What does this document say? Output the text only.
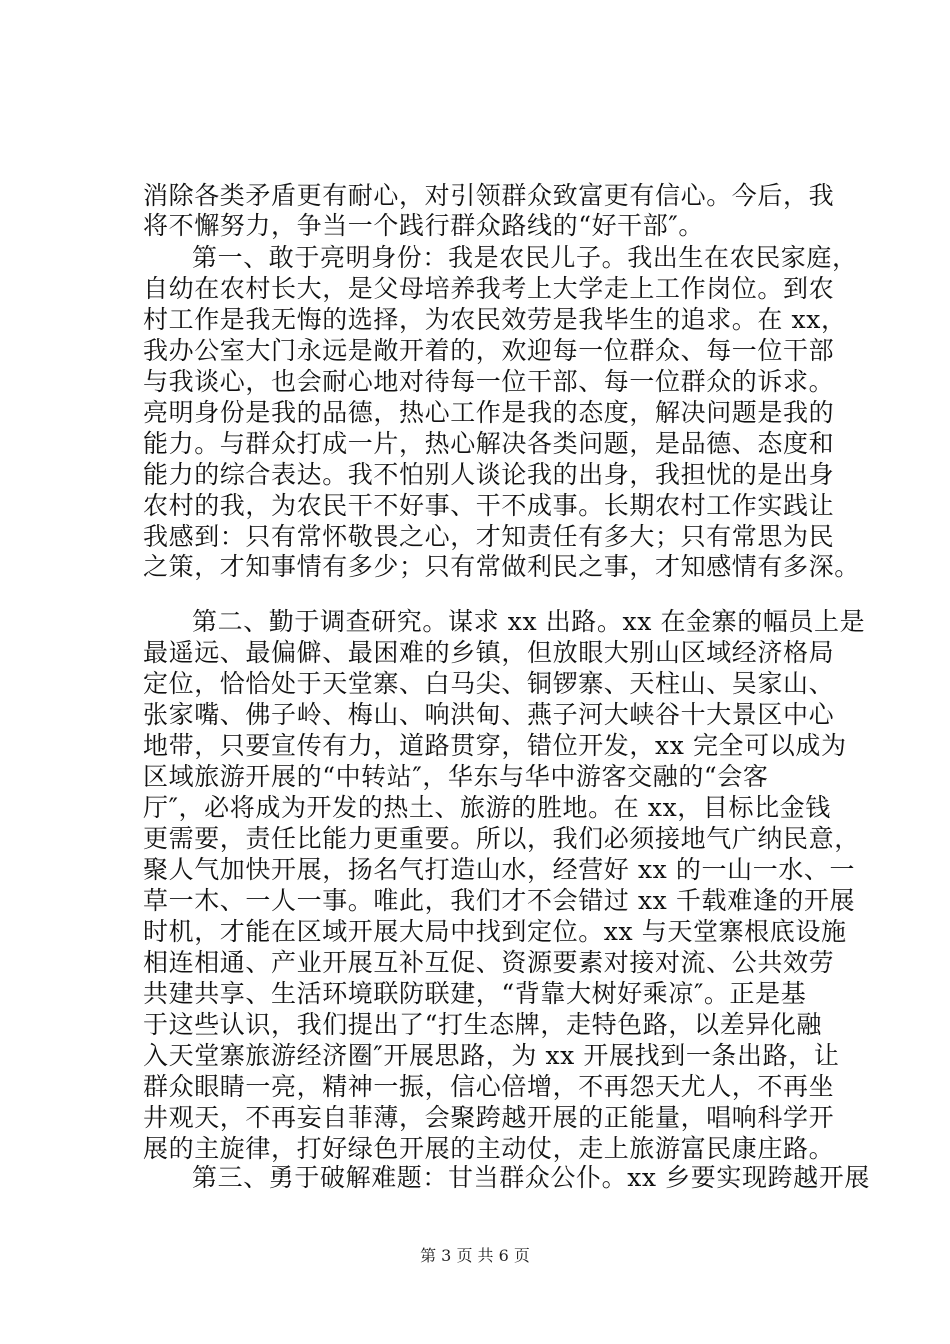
消除各类矛盾更有耐心，对引领群众致富更有信心。今后，我
将不懈努力，争当一个践行群众路线的“好干部″。
第一、敢于亮明身份：我是农民儿子。我出生在农民家庭，
自幼在农村长大，是父母培养我考上大学走上工作岗位。到农
村工作是我无悔的选择，为农民效劳是我毕生的追求。在 xx，
我办公室大门永远是敞开着的，欢迎每一位群众、每一位干部
与我谈心，也会耐心地对待每一位干部、每一位群众的诉求。
亮明身份是我的品德，热心工作是我的态度，解决问题是我的
能力。与群众打成一片，热心解决各类问题，是品德、态度和
能力的综合表达。我不怕别人谈论我的出身，我担忧的是出身
农村的我，为农民干不好事、干不成事。长期农村工作实践让
我感到：只有常怀敬畏之心，才知责任有多大；只有常思为民
之策，才知事情有多少；只有常做利民之事，才知感情有多深。
第二、勤于调查研究。谋求 xx 出路。xx 在金寨的幅员上是
最遥远、最偏僻、最困难的乡镇，但放眼大别山区域经济格局
定位，恰恰处于天堂寨、白马尖、铜锣寨、天柱山、吴家山、
张家嘴、佛子岭、梅山、响洪甸、燕子河大峡谷十大景区中心
地带，只要宣传有力，道路贯穿，错位开发，xx 完全可以成为
区域旅游开展的“中转站″，华东与华中游客交融的“会客
厅″，必将成为开发的热土、旅游的胜地。在 xx，目标比金钱
更需要，责任比能力更重要。所以，我们必须接地气广纳民意，
聚人气加快开展，扬名气打造山水，经营好 xx 的一山一水、一
草一木、一人一事。唯此，我们才不会错过 xx 千载难逢的开展
时机，才能在区域开展大局中找到定位。xx 与天堂寨根底设施
相连相通、产业开展互补互促、资源要素对接对流、公共效劳
共建共享、生活环境联防联建，“背靠大树好乘凉″。正是基
于这些认识，我们提出了“打生态牌，走特色路，以差异化融
入天堂寨旅游经济圈″开展思路，为 xx 开展找到一条出路，让
群众眼睛一亮，精神一振，信心倍增，不再怨天尤人，不再坐
井观天，不再妄自菲薄，会聚跨越开展的正能量，唱响科学开
展的主旋律，打好绿色开展的主动仗，走上旅游富民康庄路。
第三、勇于破解难题：甘当群众公仆。xx 乡要实现跨越开展
第 3 页 共 6 页
